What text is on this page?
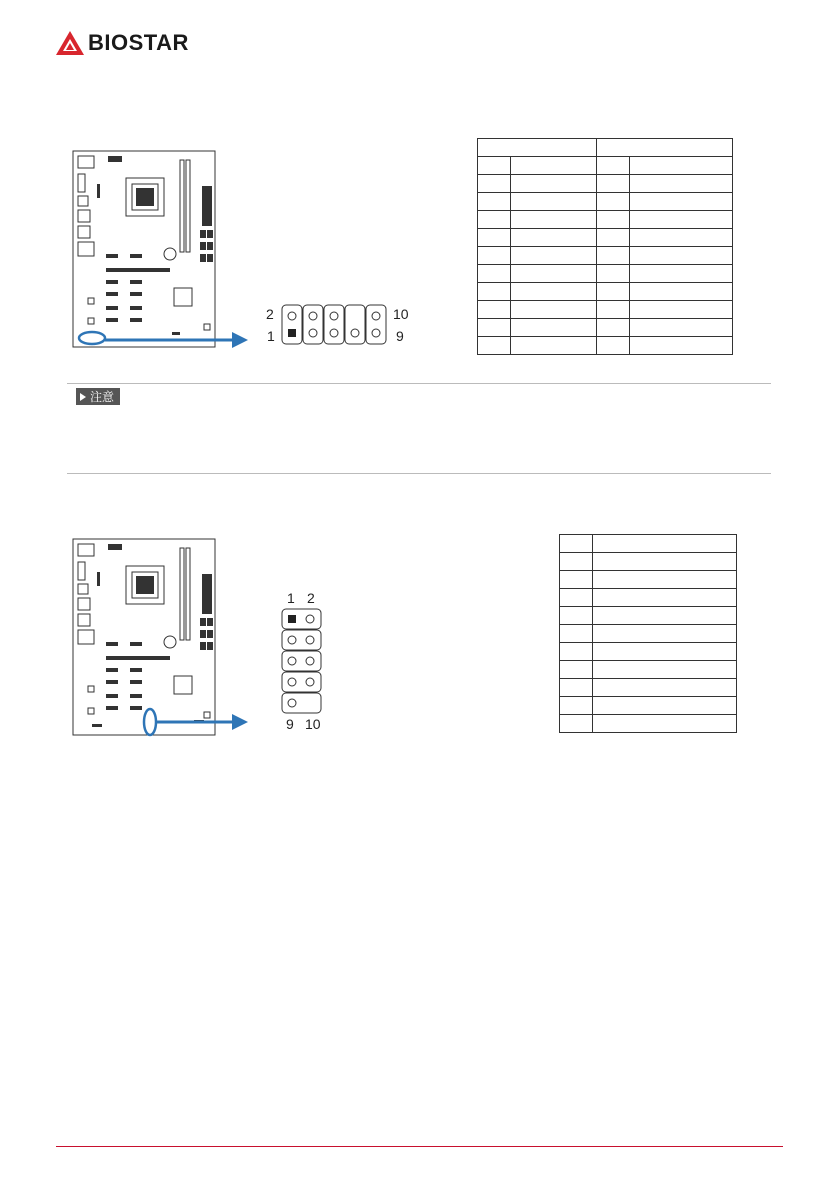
BIOSTAR
2
1
10
9

注意
1 2
9 10
